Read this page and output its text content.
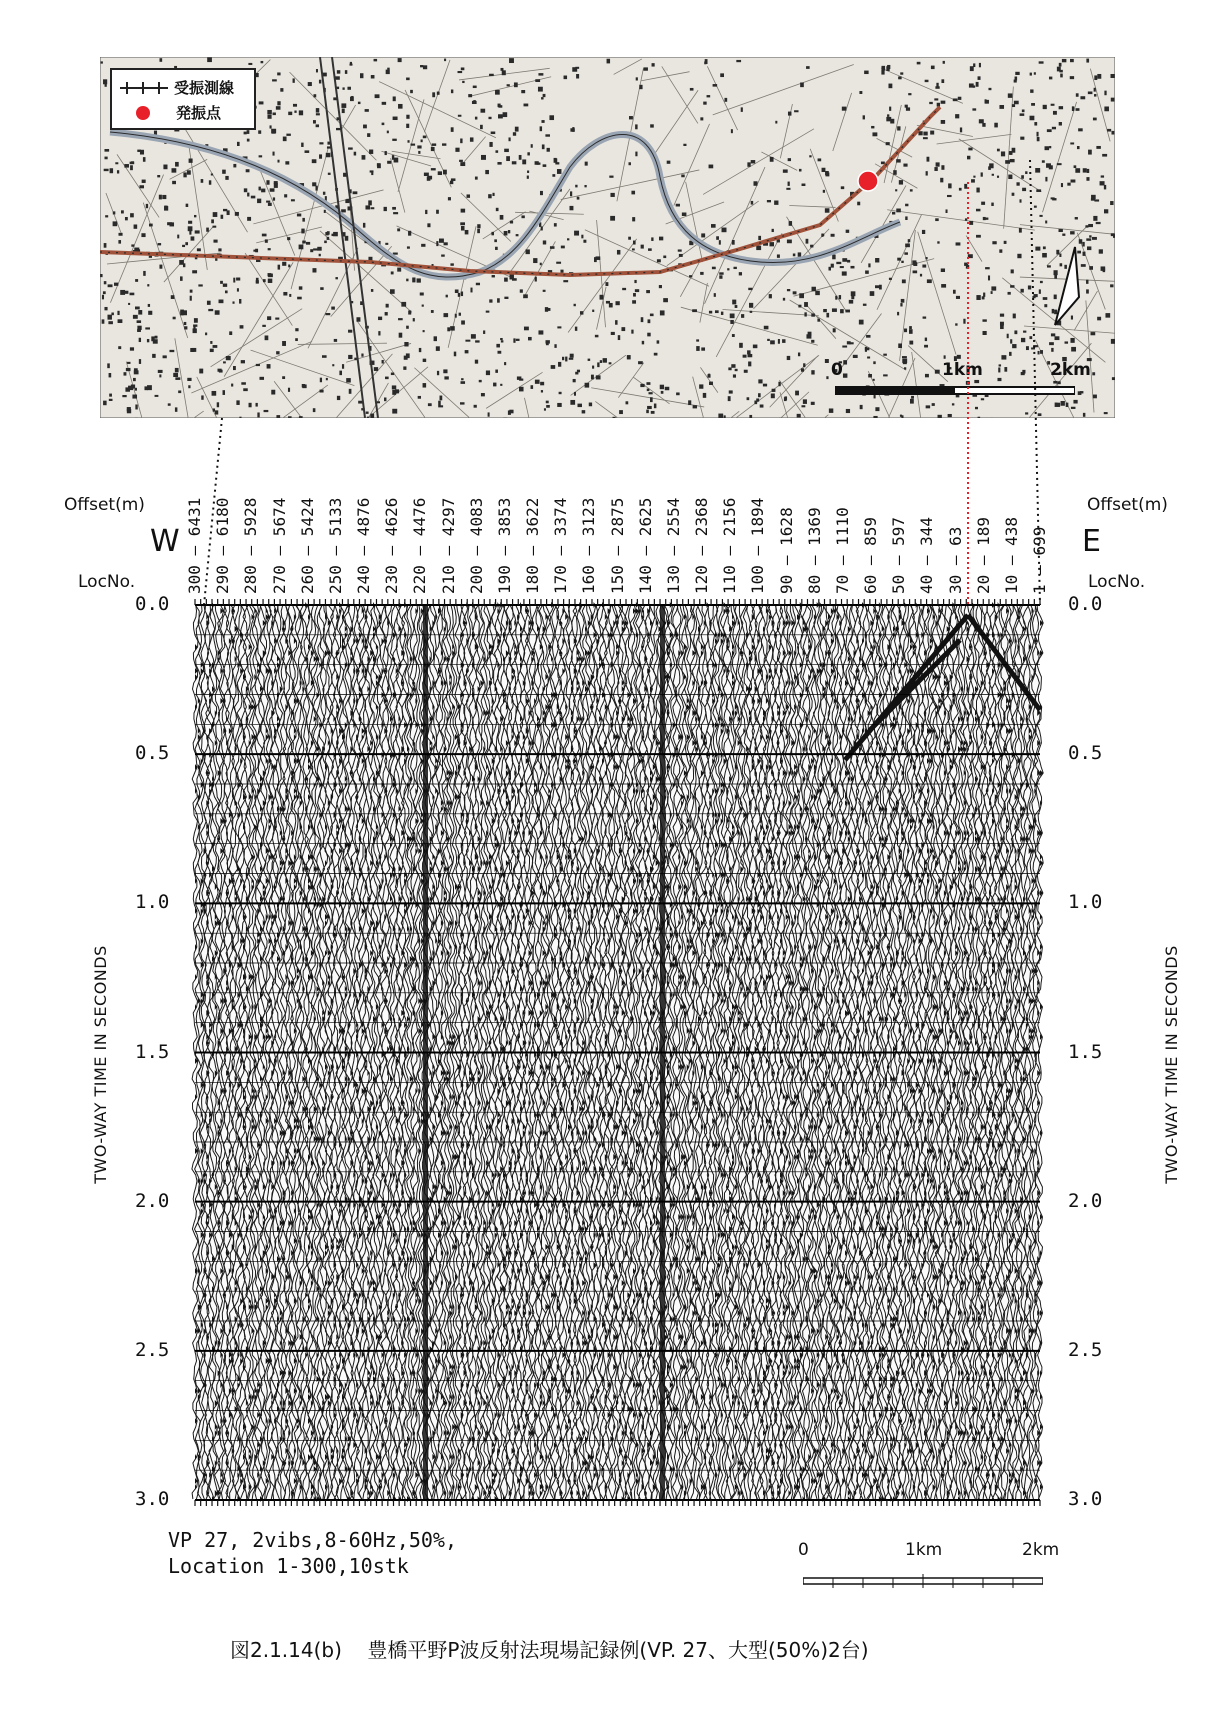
受振測線
発振点
0	1km	2km
Offset(m)	Offset(m)
W	E
LocNo.	LocNo.
300 — 6431
290 — 6180
280 — 5928
270 — 5674
260 — 5424
250 — 5133
240 — 4876
230 — 4626
220 — 4476
210 — 4297
200 — 4083
190 — 3853
180 — 3622
170 — 3374
160 — 3123
150 — 2875
140 — 2625
130 — 2554
120 — 2368
110 — 2156
100 — 1894
90 — 1628
80 — 1369
70 — 1110
60 — 859
50 — 597
40 — 344
30 — 63
20 — 189
10 — 438
1 — 699
0.0	0.0
0.5	0.5
1.0	1.0
1.5	1.5
2.0	2.0
2.5	2.5
3.0	3.0
TWO-WAY TIME IN SECONDS	TWO-WAY TIME IN SECONDS
VP 27, 2vibs,8-60Hz,50%,
Location 1-300,10stk
0	1km	2km
図2.1.14(b)    豊橋平野P波反射法現場記録例(VP. 27、大型(50%)2台)
